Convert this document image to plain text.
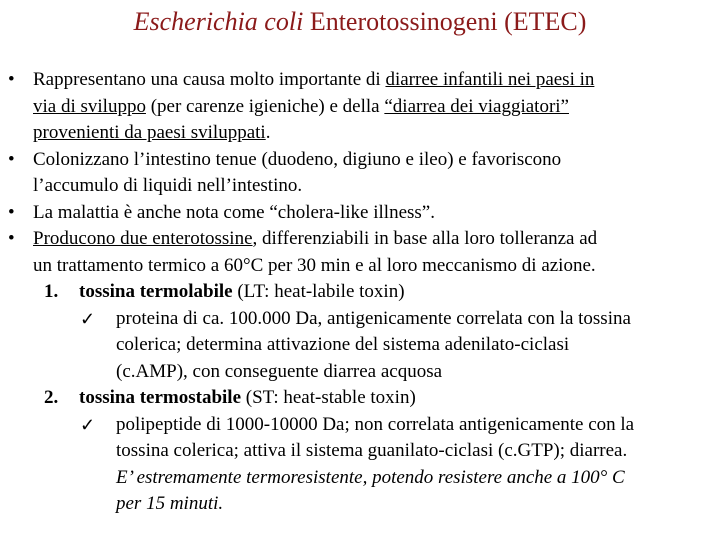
Escherichia coli Enterotossinogeni (ETEC)
• Rappresentano una causa molto importante di diarree infantili nei paesi in
via di sviluppo (per carenze igieniche) e della “diarrea dei viaggiatori”
provenienti da paesi sviluppati.
• Colonizzano l’intestino tenue (duodeno, digiuno e ileo) e favoriscono
l’accumulo di liquidi nell’intestino.
• La malattia è anche nota come “cholera-like illness”.
• Producono due enterotossine, differenziabili in base alla loro tolleranza ad
un trattamento termico a 60°C per 30 min e al loro meccanismo di azione.
1. tossina termolabile (LT: heat-labile toxin)
✓ proteina di ca. 100.000 Da, antigenicamente correlata con la tossina
colerica; determina attivazione del sistema adenilato-ciclasi
(c.AMP), con conseguente diarrea acquosa
2. tossina termostabile (ST: heat-stable toxin)
✓ polipeptide di 1000-10000 Da; non correlata antigenicamente con la
tossina colerica; attiva il sistema guanilato-ciclasi (c.GTP); diarrea.
E’ estremamente termoresistente, potendo resistere anche a 100° C
per 15 minuti.
